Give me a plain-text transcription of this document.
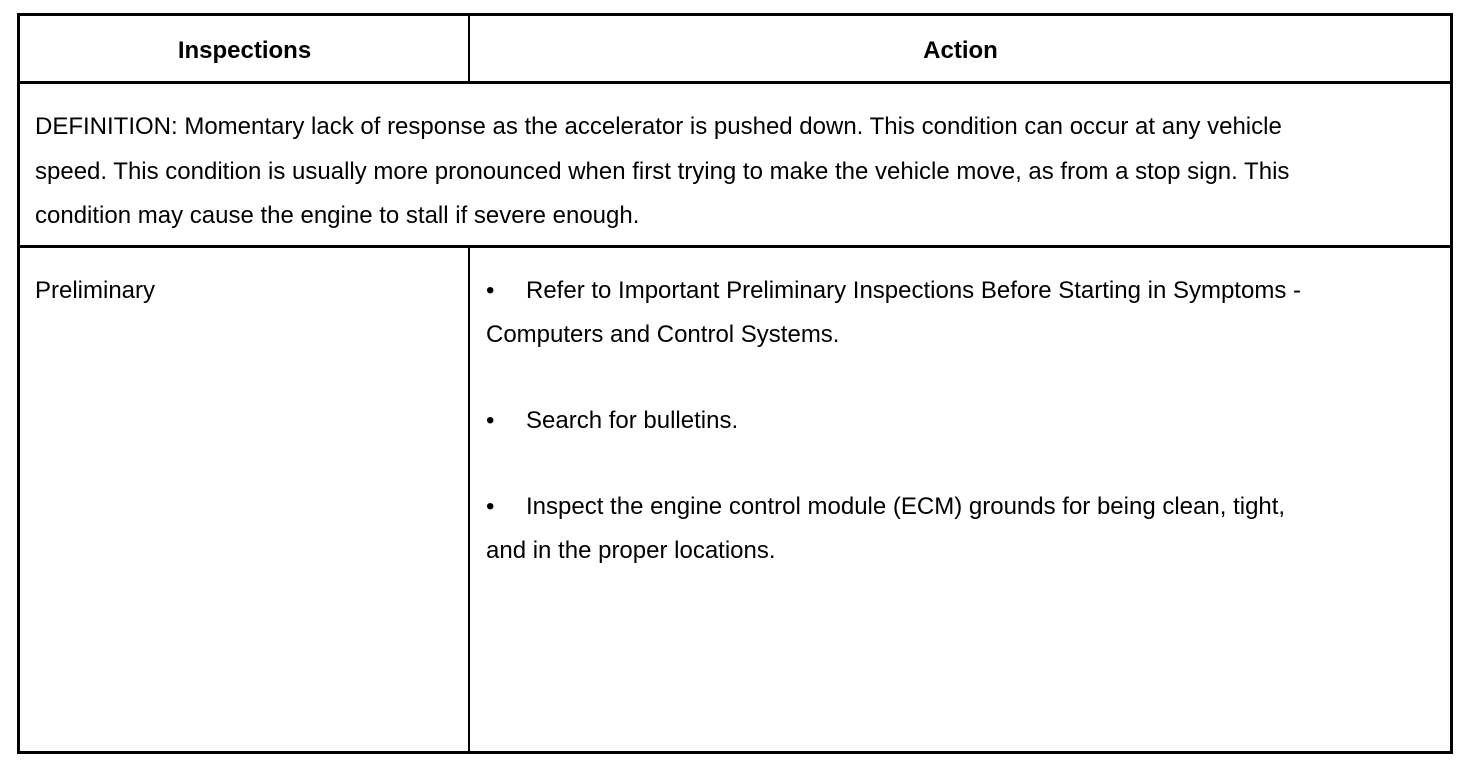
Inspections	Action
DEFINITION: Momentary lack of response as the accelerator is pushed down. This condition can occur at any vehicle speed. This condition is usually more pronounced when first trying to make the vehicle move, as from a stop sign. This condition may cause the engine to stall if severe enough.
Preliminary	• Refer to Important Preliminary Inspections Before Starting in Symptoms - Computers and Control Systems.
• Search for bulletins.
• Inspect the engine control module (ECM) grounds for being clean, tight, and in the proper locations.
